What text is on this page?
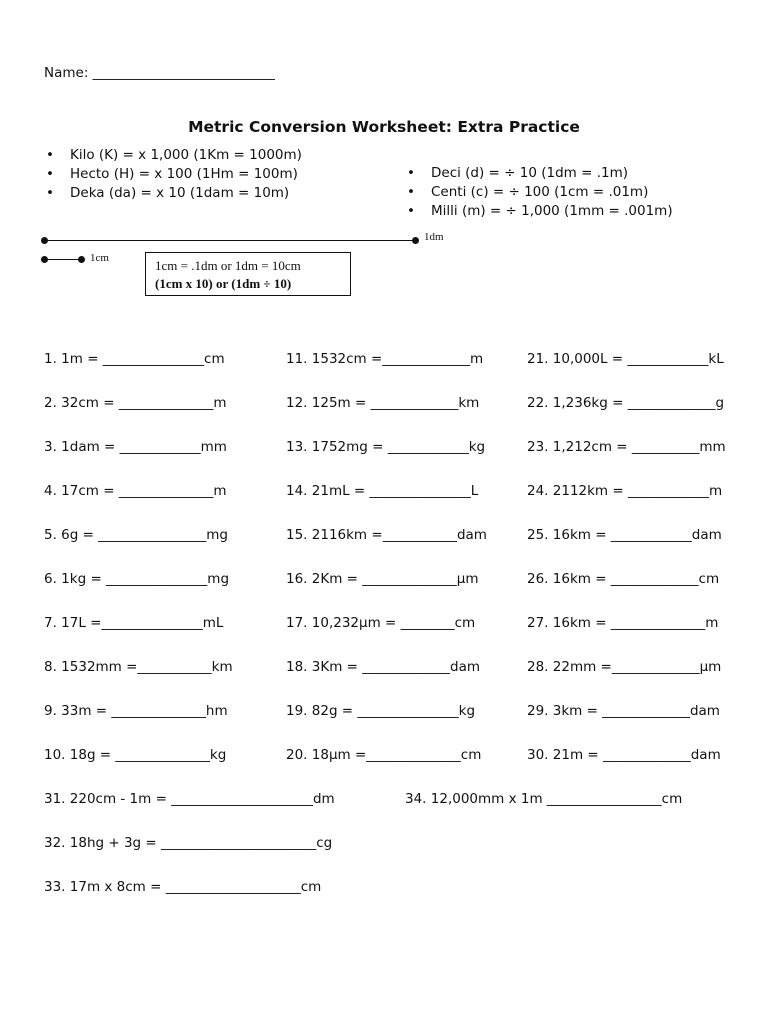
Name: ___________________________
Metric Conversion Worksheet: Extra Practice
• Kilo (K) = x 1,000 (1Km = 1000m)
• Hecto (H) = x 100 (1Hm = 100m)
• Deka (da) = x 10 (1dam = 10m)
• Deci (d) = ÷ 10 (1dm = .1m)
• Centi (c) = ÷ 100 (1cm = .01m)
• Milli (m) = ÷ 1,000 (1mm = .001m)
1dm
1cm	1cm = .1dm or 1dm = 10cm
(1cm x 10) or (1dm ÷ 10)
1. 1m = _______________cm
2. 32cm = ______________m
3. 1dam = ____________mm
4. 17cm = ______________m
5. 6g = ________________mg
6. 1kg = _______________mg
7. 17L =_______________mL
8. 1532mm =___________km
9. 33m = ______________hm
10. 18g = ______________kg
11. 1532cm =_____________m
12. 125m = _____________km
13. 1752mg = ____________kg
14. 21mL = _______________L
15. 2116km =___________dam
16. 2Km = ______________µm
17. 10,232µm = ________cm
18. 3Km = _____________dam
19. 82g = _______________kg
20. 18µm =______________cm
21. 10,000L = ____________kL
22. 1,236kg = _____________g
23. 1,212cm = __________mm
24. 2112km = ____________m
25. 16km = ____________dam
26. 16km = _____________cm
27. 16km = ______________m
28. 22mm =_____________µm
29. 3km = _____________dam
30. 21m = _____________dam
31. 220cm - 1m = _____________________dm
32. 18hg + 3g = _______________________cg
33. 17m x 8cm = ____________________cm
34. 12,000mm x 1m _________________cm
